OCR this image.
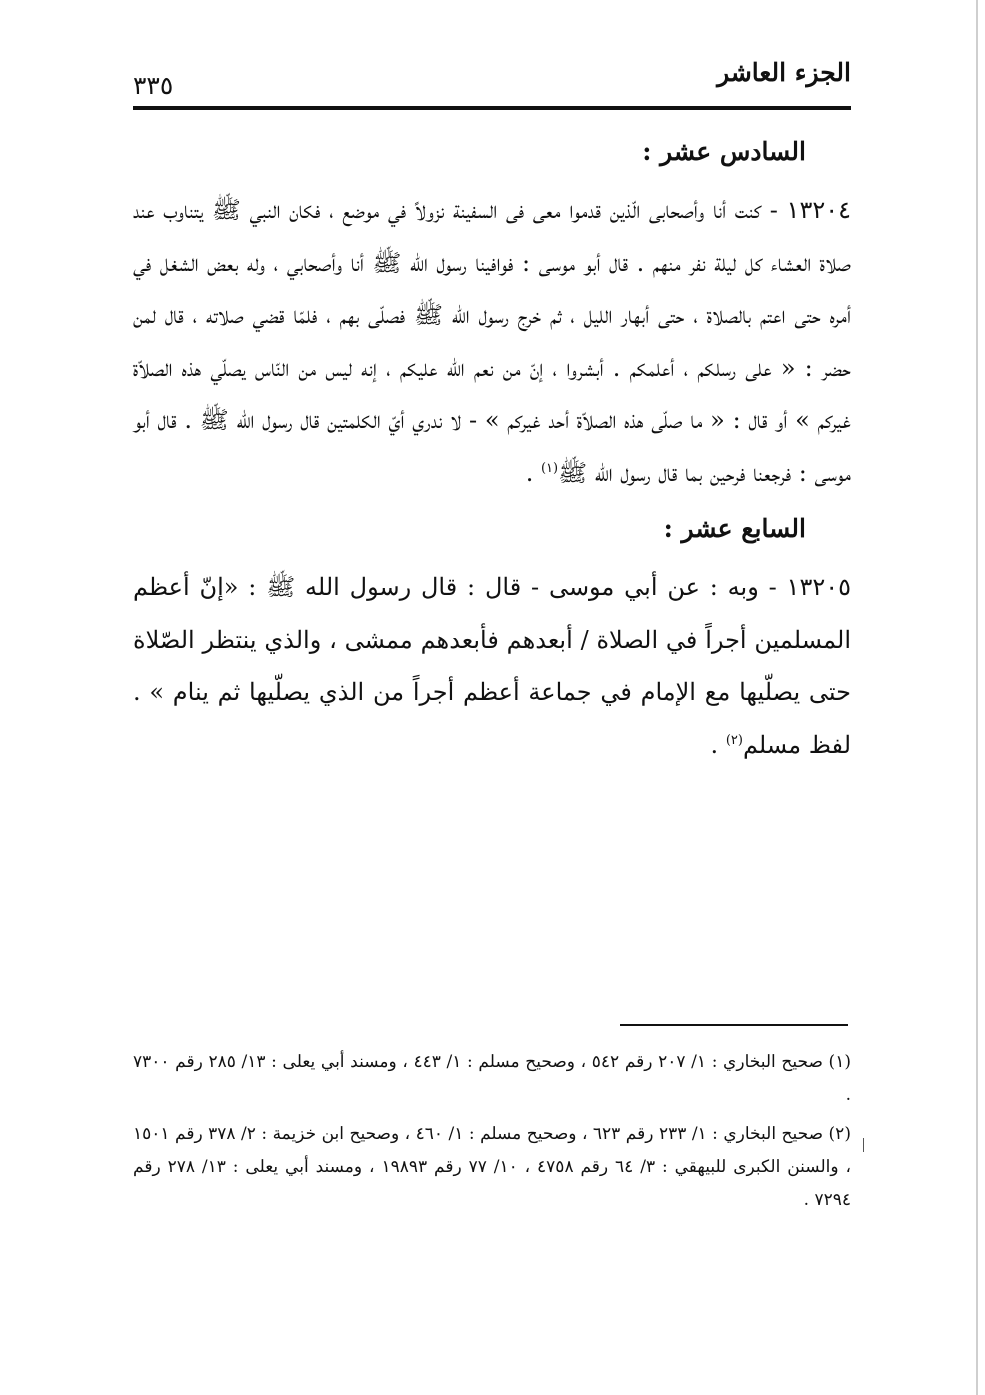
الجزء العاشر
٣٣٥
السادس عشر :

١٣٢٠٤ - كنت أنا وأصحابى الّذين قدموا معى فى السفينة نزولاً في موضع ، فكان النبي ﷺ يتناوب عند صلاة العشاء كل ليلة نفر منهم . قال أبو موسى : فوافينا رسول الله ﷺ أنا وأصحابي ، وله بعض الشغل في أمره حتى اعتم بالصلاة ، حتى أبهار الليل ، ثم خرج رسول الله ﷺ فصلّى بهم ، فلمّا قضي صلاته ، قال لمن حضر : « على رسلكم ، أعلمكم . أبشروا ، إنّ من نعم الله عليكم ، إنه ليس من النّاس يصلّي هذه الصلاّة غيركم » أو قال : « ما صلّى هذه الصلاّة أحد غيركم » - لا ندري أيّ الكلمتين قال رسول الله ﷺ . قال أبو موسى : فرجعنا فرحين بما قال رسول الله ﷺ$^{(١)}$ .

السابع عشر :

١٣٢٠٥ - وبه : عن أبي موسى - قال : قال رسول الله ﷺ : «إنّ أعظم المسلمين أجراً في الصلاة / أبعدهم فأبعدهم ممشى ، والذي ينتظر الصّلاة حتى يصلّيها مع الإمام في جماعة أعظم أجراً من الذي يصلّيها ثم ينام » . لفظ مسلم$^{(٢)}$ .

(١) صحيح البخاري : ١/ ٢٠٧ رقم ٥٤٢ ، وصحيح مسلم : ١/ ٤٤٣ ، ومسند أبي يعلى : ١٣/ ٢٨٥ رقم ٧٣٠٠ .

(٢) صحيح البخاري : ١/ ٢٣٣ رقم ٦٢٣ ، وصحيح مسلم : ١/ ٤٦٠ ، وصحيح ابن خزيمة : ٢/ ٣٧٨ رقم ١٥٠١ ، والسنن الكبرى للبيهقي : ٣/ ٦٤ رقم ٤٧٥٨ ، ١٠/ ٧٧ رقم ١٩٨٩٣ ، ومسند أبي يعلى : ١٣/ ٢٧٨ رقم ٧٢٩٤ .
